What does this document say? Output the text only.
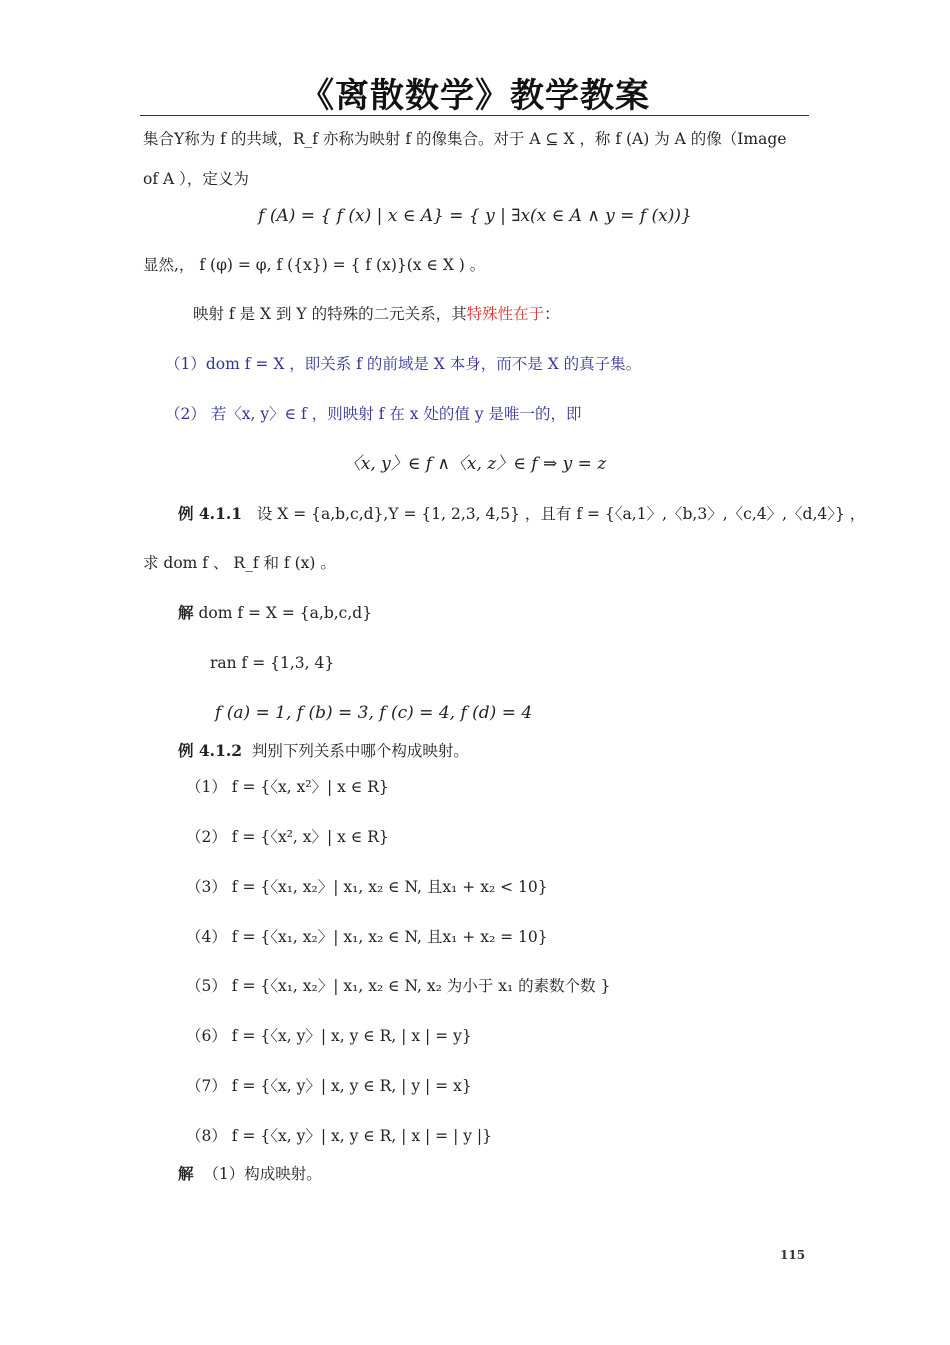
《离散数学》教学教案
集合Y称为 f 的共域，R_f 亦称为映射 f 的像集合。对于 A ⊆ X ，称 f (A) 为 A 的像（Image
of A ），定义为
f (A) = { f (x) | x ∈ A} = { y | ∃x(x ∈ A ∧ y = f (x))}
显然,， f (φ) = φ, f ({x}) = { f (x)}(x ∈ X ) 。
映射 f 是 X 到 Y 的特殊的二元关系，其特殊性在于：
（1）dom f = X ，即关系 f 的前域是 X 本身，而不是 X 的真子集。
（2） 若〈x, y〉∈ f ，则映射 f 在 x 处的值 y 是唯一的，即
〈x, y〉∈ f ∧〈x, z〉∈ f ⇒ y = z
例 4.1.1 设 X = {a,b,c,d},Y = {1, 2,3, 4,5} ，且有 f = {〈a,1〉,〈b,3〉,〈c,4〉,〈d,4〉} ，
求 dom f 、 R_f 和 f (x) 。
解 dom f = X = {a,b,c,d}
ran f = {1,3, 4}
f (a) = 1, f (b) = 3, f (c) = 4, f (d) = 4
例 4.1.2 判别下列关系中哪个构成映射。
（1） f = {〈x, x²〉| x ∈ R}
（2） f = {〈x², x〉| x ∈ R}
（3） f = {〈x₁, x₂〉| x₁, x₂ ∈ N, 且x₁ + x₂ < 10}
（4） f = {〈x₁, x₂〉| x₁, x₂ ∈ N, 且x₁ + x₂ = 10}
（5） f = {〈x₁, x₂〉| x₁, x₂ ∈ N, x₂ 为小于 x₁ 的素数个数 }
（6） f = {〈x, y〉| x, y ∈ R, | x | = y}
（7） f = {〈x, y〉| x, y ∈ R, | y | = x}
（8） f = {〈x, y〉| x, y ∈ R, | x | = | y |}
解 （1）构成映射。
115
